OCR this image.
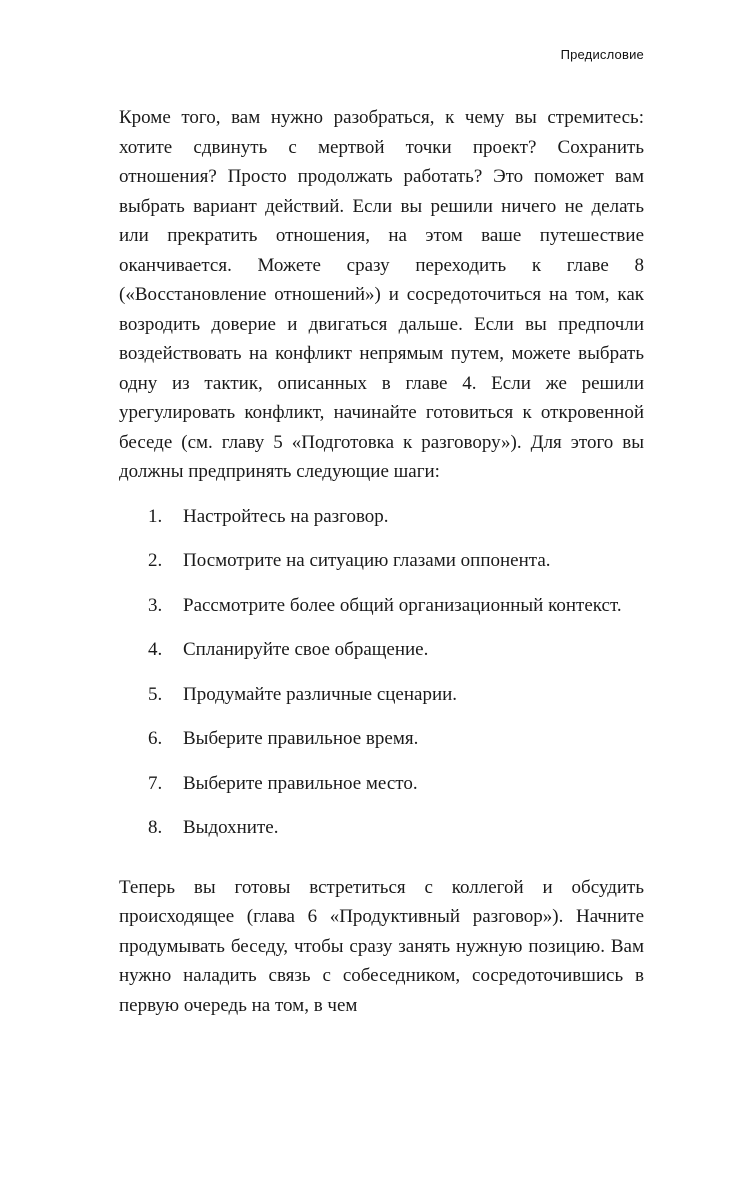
Предисловие

Кроме того, вам нужно разобраться, к чему вы стремитесь: хотите сдвинуть с мертвой точки проект? Сохранить отношения? Просто продолжать работать? Это поможет вам выбрать вариант действий. Если вы решили ничего не делать или прекратить отношения, на этом ваше путешествие оканчивается. Можете сразу переходить к главе 8 («Восстановление отношений») и сосредоточиться на том, как возродить доверие и двигаться дальше. Если вы предпочли воздействовать на конфликт непрямым путем, можете выбрать одну из тактик, описанных в главе 4. Если же решили урегулировать конфликт, начинайте готовиться к откровенной беседе (см. главу 5 «Подготовка к разговору»). Для этого вы должны предпринять следующие шаги:

1.	Настройтесь на разговор.
2.	Посмотрите на ситуацию глазами оппонента.
3.	Рассмотрите более общий организационный контекст.
4.	Спланируйте свое обращение.
5.	Продумайте различные сценарии.
6.	Выберите правильное время.
7.	Выберите правильное место.
8.	Выдохните.

Теперь вы готовы встретиться с коллегой и обсудить происходящее (глава 6 «Продуктивный разговор»). Начните продумывать беседу, чтобы сразу занять нужную позицию. Вам нужно наладить связь с собеседником, сосредоточившись в первую очередь на том, в чем
